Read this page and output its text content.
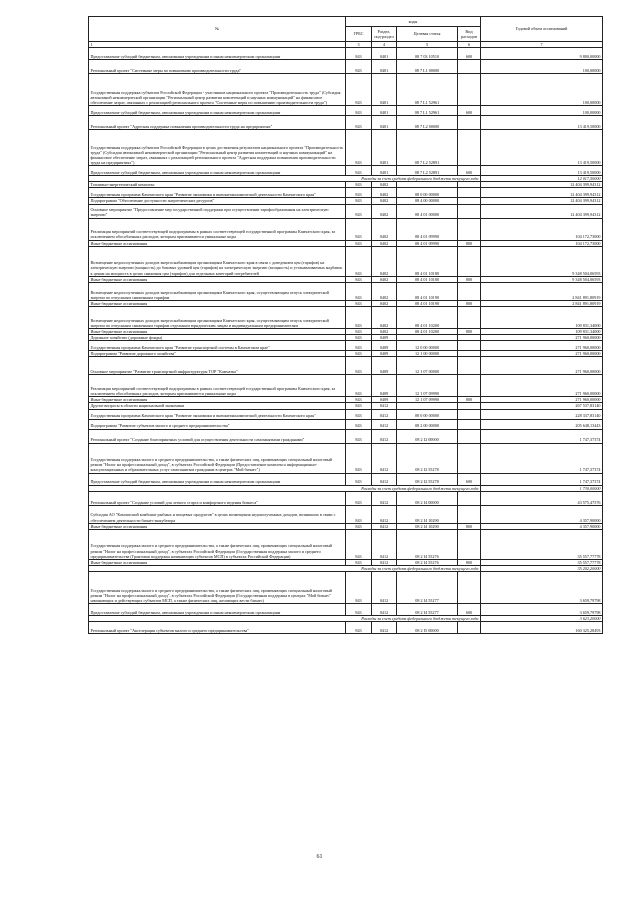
№	коды				Годовой объем ассигнований
	ГРБС	Раздел, под-раздел	Целевая статья	Вид расходов	
1	3	4	5	6	7
Предоставление субсидий бюджетным, автономным учреждениям и иным некоммерческим организациям	843	0401	08 7 03 10510	600	9 800,00000
Региональный проект "Системные меры по повышению производительности труда"	843	0401	08 7 L1 00000		100,00000
Государственная поддержка субъектов Российской Федерации - участников национального проекта "Производительность труда" (Субсидия автономной некоммерческой организации "Региональный центр развития компетенций и научных коммуникаций" на финансовое обеспечение затрат, связанных с реализацией регионального проекта "Системные меры по повышению производительности труда")	843	0401	08 7 L1 52961		100,00000
Предоставление субсидий бюджетным, автономным учреждениям и иным некоммерческим организациям	843	0401	08 7 L1 52961	600	100,00000
Региональный проект "Адресная поддержка повышения производительности труда на предприятиях"	843	0401	08 7 L2 00000		13 419,50000
Государственная поддержка субъектов Российской Федерации в целях достижения результатов национального проекта "Производительность труда" (Субсидия автономной некоммерческой организации "Региональный центр развития компетенций и научных коммуникаций" на финансовое обеспечение затрат, связанных с реализацией регионального проекта "Адресная поддержка повышения производительности труда на предприятиях")	843	0401	08 7 L2 52891		13 419,50000
Предоставление субсидий бюджетным, автономным учреждениям и иным некоммерческим организациям	843	0401	08 7 L2 52891	600	13 419,50000
Расходы за счет средств федерального бюджета текущего года					12 017,50000
Топливно-энергетический комплекс	843	0402			12 404 399,94312
Государственная программа Камчатского края "Развитие экономики и внешнеэкономической деятельности Камчатского края"	843	0402	08 0 00 00000		12 404 399,94312
Подпрограмма "Обеспечение доступности энергетических ресурсов"	843	0402	08 4 00 00000		12 404 399,94312
Основное мероприятие "Предоставление мер государственной поддержки при осуществлении тарифообразования на электрическую энергию"	843	0402	08 4 01 00000		12 404 399,94312
Реализация мероприятий соответствующей подпрограммы в рамках соответствующей государственной программы Камчатского края, за исключением обособленных расходов, которым присваиваются уникальные коды	843	0402	08 4 01 09990		104 172,73000
Иные бюджетные ассигнования	843	0402	08 4 01 09990	800	104 172,73000
Возмещение недополученных доходов энергоснабжающим организациям Камчатского края в связи с доведением цен (тарифов) на электрическую энергию (мощность) до базовых уровней цен (тарифов) на электрическую энергию (мощность) и устанавливаемых надбавок к ценам на мощность в целях снижения цен (тарифов) для отдельных категорий потребителей	843	0402	08 4 01 10180		9 348 504,06593
Иные бюджетные ассигнования	843	0402	08 4 01 10180	800	9 348 504,06593
Возмещение недополученных доходов энергоснабжающим организациям Камчатского края, осуществляющим отпуск электрической энергии по отпускным сниженным тарифам	843	0402	08 4 01 10190		2 841 891,80919
Иные бюджетные ассигнования	843	0402	08 4 01 10190	800	2 841 891,80919
Возмещение недополученных доходов энергоснабжающим организациям Камчатского края, осуществляющим отпуск электрической энергии по отпускным сниженным тарифам отдельным юридическим лицам и индивидуальным предпринимателям	843	0402	08 4 01 10200		109 831,34000
Иные бюджетные ассигнования	843	0402	08 4 01 10200	800	109 831,34000
Дорожное хозяйство (дорожные фонды)	843	0409			271 960,00000
Государственная программа Камчатского края "Развитие транспортной системы в Камчатском крае"	843	0409	12 0 00 00000		271 960,00000
Подпрограмма "Развитие дорожного хозяйства"	843	0409	12 1 00 00000		271 960,00000
Основное мероприятие "Развитие транспортной инфраструктуры ТОР "Камчатка"	843	0409	12 1 07 00000		271 960,00000
Реализация мероприятий соответствующей подпрограммы в рамках соответствующей государственной программы Камчатского края, за исключением обособленных расходов, которым присваиваются уникальные коды	843	0409	12 1 07 09990		271 960,00000
Иные бюджетные ассигнования	843	0409	12 1 07 09990	800	271 960,00000
Другие вопросы в области национальной экономики	843	0412			267 537,83140
Государственная программа Камчатского края "Развитие экономики и внешнеэкономической деятельности Камчатского края"	843	0412	08 0 00 00000		228 337,83140
Подпрограмма "Развитие субъектов малого и среднего предпринимательства"	843	0412	08 2 00 00000		205 648,13443
Региональный проект "Создание благоприятных условий для осуществления деятельности самозанятыми гражданами"	843	0412	08 2 I2 00000		1 747,37374
Государственная поддержка малого и среднего предпринимательства, а также физических лиц, применяющих специальный налоговый режим "Налог на профессиональный доход", в субъектах Российской Федерации (Предоставление комплекса информационно-консультационных и образовательных услуг самозанятым гражданам в центрах "Мой бизнес")	843	0412	08 2 I2 55278		1 747,37374
Предоставление субсидий бюджетным, автономным учреждениям и иным некоммерческим организациям	843	0412	08 2 I2 55278	600	1 747,37374
Расходы за счет средств федерального бюджета текущего года					1 730,00000
Региональный проект "Создание условий для легкого старта и комфортного ведения бизнеса"	843	0412	08 2 I4 00000		43 575,47576
Субсидия АО "Камчатский комбинат рыбных и пищевых продуктов" в целях возмещения недополученных доходов, возникших в связи с обеспечением деятельности бизнес-инкубатора	843	0412	08 2 I4 10290		4 357,90000
Иные бюджетные ассигнования	843	0412	08 2 I4 10290	800	4 357,90000
Государственная поддержка малого и среднего предпринимательства, а также физических лиц, применяющих специальный налоговый режим "Налог на профессиональный доход", в субъектах Российской Федерации (Государственная поддержка малого и среднего предпринимательства (Грантовая поддержка начинающих субъектов МСП) в субъектах Российской Федерации)	843	0412	08 2 I4 55276		35 557,77778
Иные бюджетные ассигнования	843	0412	08 2 I4 55276	800	35 557,77778
Расходы за счет средств федерального бюджета текущего года					35 202,20000
Государственная поддержка малого и среднего предпринимательства, а также физических лиц, применяющих специальный налоговый режим "Налог на профессиональный доход", в субъектах Российской Федерации (Государственная поддержка в центрах "Мой бизнес" начинающих и действующих субъектов МСП, а также физических лиц, желающих вести бизнес)	843	0412	08 2 I4 55277		3 659,79798
Предоставление субсидий бюджетным, автономным учреждениям и иным некоммерческим организациям	843	0412	08 2 I4 55277	600	3 659,79798
Расходы за счет средств федерального бюджета текущего года					3 623,20000
Региональный проект "Акселерация субъектов малого и среднего предпринимательства"	843	0412	08 2 I5 00000		160 325,28493
61
